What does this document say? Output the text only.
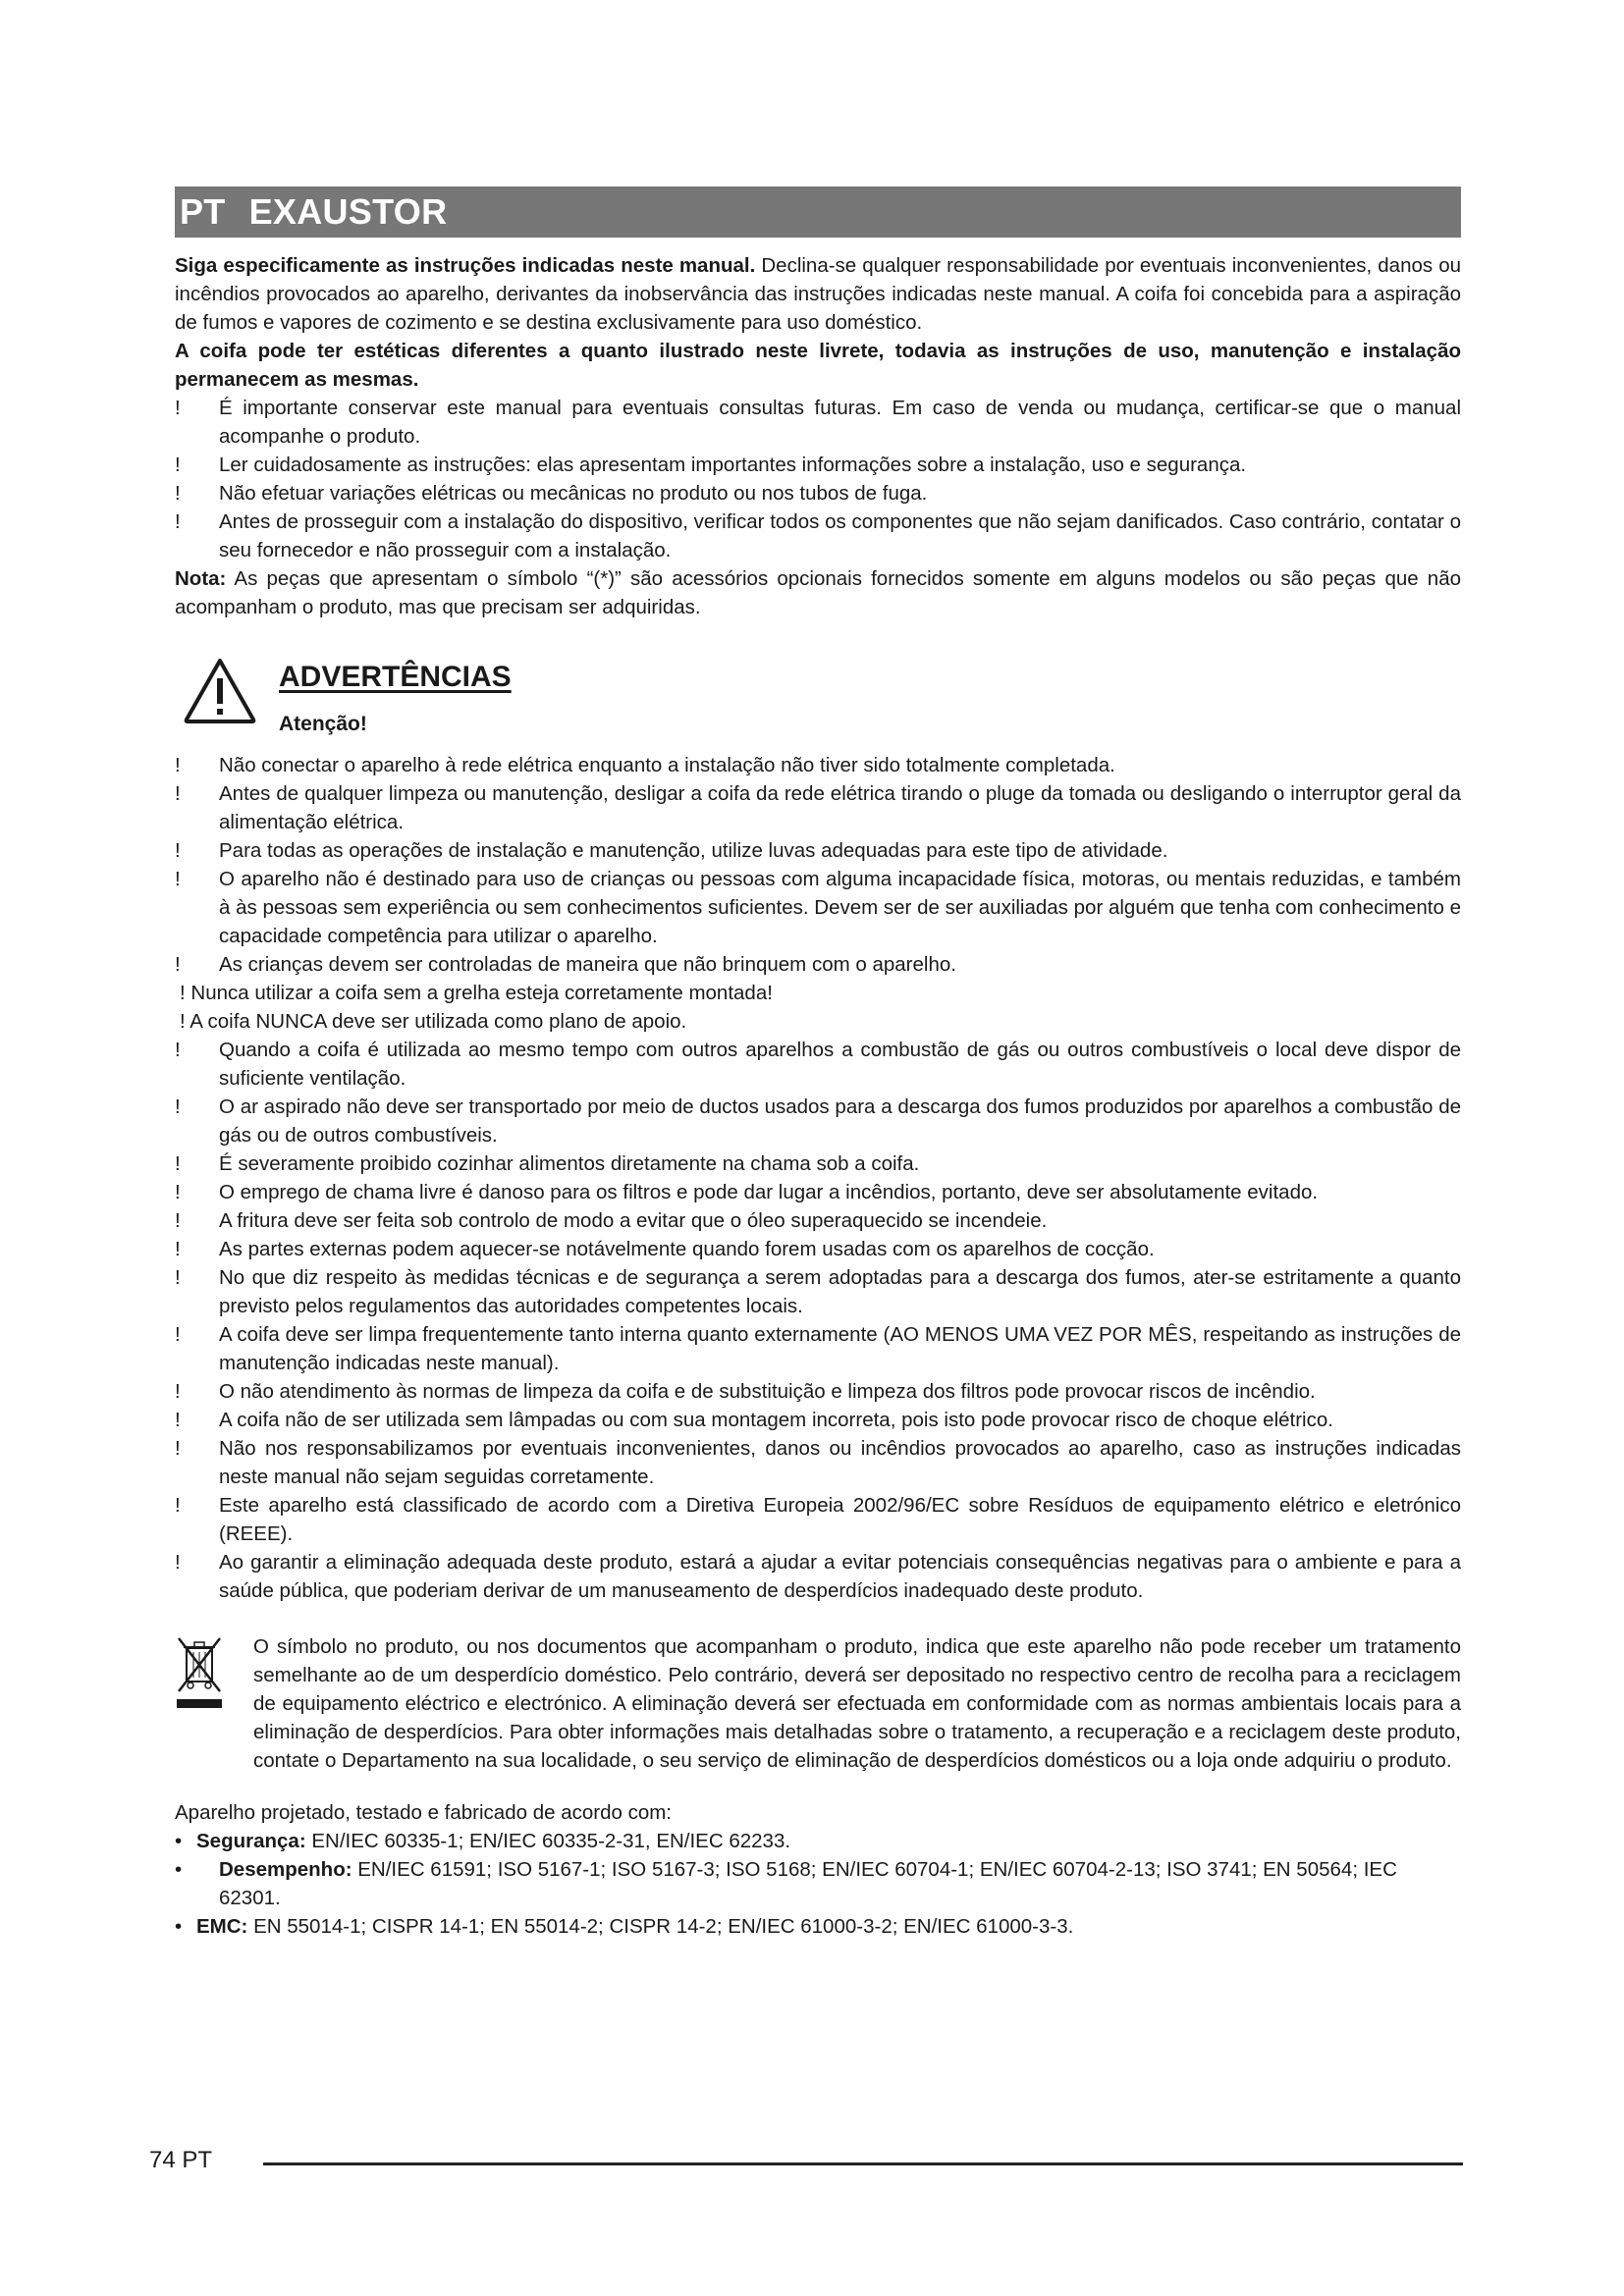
PT EXAUSTOR

Siga especificamente as instruções indicadas neste manual. Declina-se qualquer responsabilidade por eventuais inconvenientes, danos ou incêndios provocados ao aparelho, derivantes da inobservância das instruções indicadas neste manual. A coifa foi concebida para a aspiração de fumos e vapores de cozimento e se destina exclusivamente para uso doméstico.

A coifa pode ter estéticas diferentes a quanto ilustrado neste livrete, todavia as instruções de uso, manutenção e instalação permanecem as mesmas.

! É importante conservar este manual para eventuais consultas futuras. Em caso de venda ou mudança, certificar-se que o manual acompanhe o produto.
! Ler cuidadosamente as instruções: elas apresentam importantes informações sobre a instalação, uso e segurança.
! Não efetuar variações elétricas ou mecânicas no produto ou nos tubos de fuga.
! Antes de prosseguir com a instalação do dispositivo, verificar todos os componentes que não sejam danificados. Caso contrário, contatar o seu fornecedor e não prosseguir com a instalação.

Nota: As peças que apresentam o símbolo “(*)” são acessórios opcionais fornecidos somente em alguns modelos ou são peças que não acompanham o produto, mas que precisam ser adquiridas.

ADVERTÊNCIAS
Atenção!
! Não conectar o aparelho à rede elétrica enquanto a instalação não tiver sido totalmente completada.
! Antes de qualquer limpeza ou manutenção, desligar a coifa da rede elétrica tirando o pluge da tomada ou desligando o interruptor geral da alimentação elétrica.
! Para todas as operações de instalação e manutenção, utilize luvas adequadas para este tipo de atividade.
! O aparelho não é destinado para uso de crianças ou pessoas com alguma incapacidade física, motoras, ou mentais reduzidas, e também à às pessoas sem experiência ou sem conhecimentos suficientes. Devem ser de ser auxiliadas por alguém que tenha com conhecimento e capacidade competência para utilizar o aparelho.
! As crianças devem ser controladas de maneira que não brinquem com o aparelho.
! Nunca utilizar a coifa sem a grelha esteja corretamente montada!
! A coifa NUNCA deve ser utilizada como plano de apoio.
! Quando a coifa é utilizada ao mesmo tempo com outros aparelhos a combustão de gás ou outros combustíveis o local deve dispor de suficiente ventilação.
! O ar aspirado não deve ser transportado por meio de ductos usados para a descarga dos fumos produzidos por aparelhos a combustão de gás ou de outros combustíveis.
! É severamente proibido cozinhar alimentos diretamente na chama sob a coifa.
! O emprego de chama livre é danoso para os filtros e pode dar lugar a incêndios, portanto, deve ser absolutamente evitado.
! A fritura deve ser feita sob controlo de modo a evitar que o óleo superaquecido se incendeie.
! As partes externas podem aquecer-se notávelmente quando forem usadas com os aparelhos de cocção.
! No que diz respeito às medidas técnicas e de segurança a serem adoptadas para a descarga dos fumos, ater-se estritamente a quanto previsto pelos regulamentos das autoridades competentes locais.
! A coifa deve ser limpa frequentemente tanto interna quanto externamente (AO MENOS UMA VEZ POR MÊS, respeitando as instruções de manutenção indicadas neste manual).
! O não atendimento às normas de limpeza da coifa e de substituição e limpeza dos filtros pode provocar riscos de incêndio.
! A coifa não de ser utilizada sem lâmpadas ou com sua montagem incorreta, pois isto pode provocar risco de choque elétrico.
! Não nos responsabilizamos por eventuais inconvenientes, danos ou incêndios provocados ao aparelho, caso as instruções indicadas neste manual não sejam seguidas corretamente.
! Este aparelho está classificado de acordo com a Diretiva Europeia 2002/96/EC sobre Resíduos de equipamento elétrico e eletrónico (REEE).
! Ao garantir a eliminação adequada deste produto, estará a ajudar a evitar potenciais consequências negativas para o ambiente e para a saúde pública, que poderiam derivar de um manuseamento de desperdícios inadequado deste produto.

O símbolo no produto, ou nos documentos que acompanham o produto, indica que este aparelho não pode receber um tratamento semelhante ao de um desperdício doméstico. Pelo contrário, deverá ser depositado no respectivo centro de recolha para a reciclagem de equipamento eléctrico e electrónico. A eliminação deverá ser efectuada em conformidade com as normas ambientais locais para a eliminação de desperdícios. Para obter informações mais detalhadas sobre o tratamento, a recuperação e a reciclagem deste produto, contate o Departamento na sua localidade, o seu serviço de eliminação de desperdícios domésticos ou a loja onde adquiriu o produto.

Aparelho projetado, testado e fabricado de acordo com:
• Segurança: EN/IEC 60335-1; EN/IEC 60335-2-31, EN/IEC 62233.
• Desempenho: EN/IEC 61591; ISO 5167-1; ISO 5167-3; ISO 5168; EN/IEC 60704-1; EN/IEC 60704-2-13; ISO 3741; EN 50564; IEC 62301.
• EMC: EN 55014-1; CISPR 14-1; EN 55014-2; CISPR 14-2; EN/IEC 61000-3-2; EN/IEC 61000-3-3.
74 PT
